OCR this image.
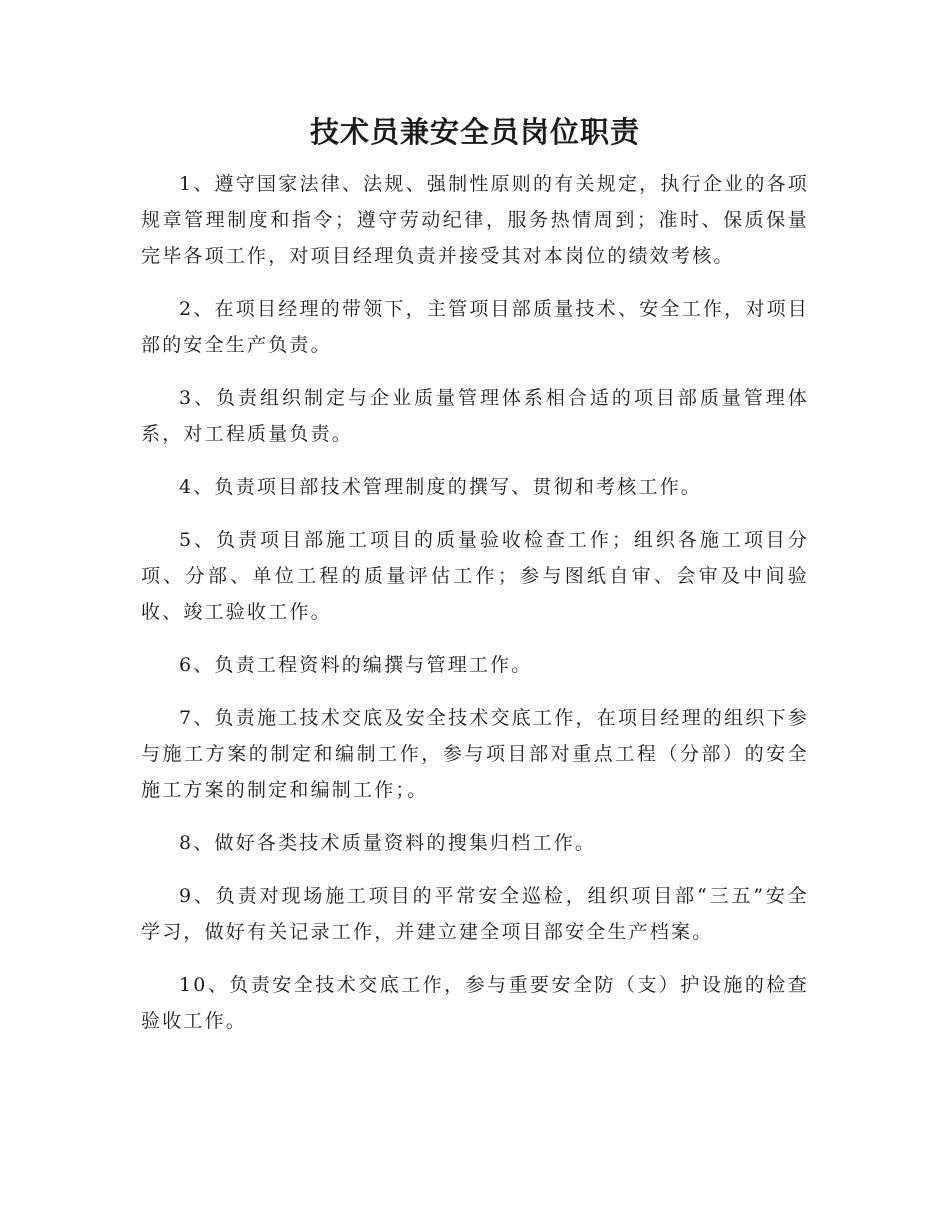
技术员兼安全员岗位职责
1、遵守国家法律、法规、强制性原则的有关规定，执行企业的各项规章管理制度和指令；遵守劳动纪律，服务热情周到；准时、保质保量完毕各项工作，对项目经理负责并接受其对本岗位的绩效考核。
2、在项目经理的带领下，主管项目部质量技术、安全工作，对项目部的安全生产负责。
3、负责组织制定与企业质量管理体系相合适的项目部质量管理体系，对工程质量负责。
4、负责项目部技术管理制度的撰写、贯彻和考核工作。
5、负责项目部施工项目的质量验收检查工作；组织各施工项目分项、分部、单位工程的质量评估工作；参与图纸自审、会审及中间验收、竣工验收工作。
6、负责工程资料的编撰与管理工作。
7、负责施工技术交底及安全技术交底工作，在项目经理的组织下参与施工方案的制定和编制工作，参与项目部对重点工程（分部）的安全施工方案的制定和编制工作；。
8、做好各类技术质量资料的搜集归档工作。
9、负责对现场施工项目的平常安全巡检，组织项目部“三五”安全学习，做好有关记录工作，并建立建全项目部安全生产档案。
10、负责安全技术交底工作，参与重要安全防（支）护设施的检查验收工作。
